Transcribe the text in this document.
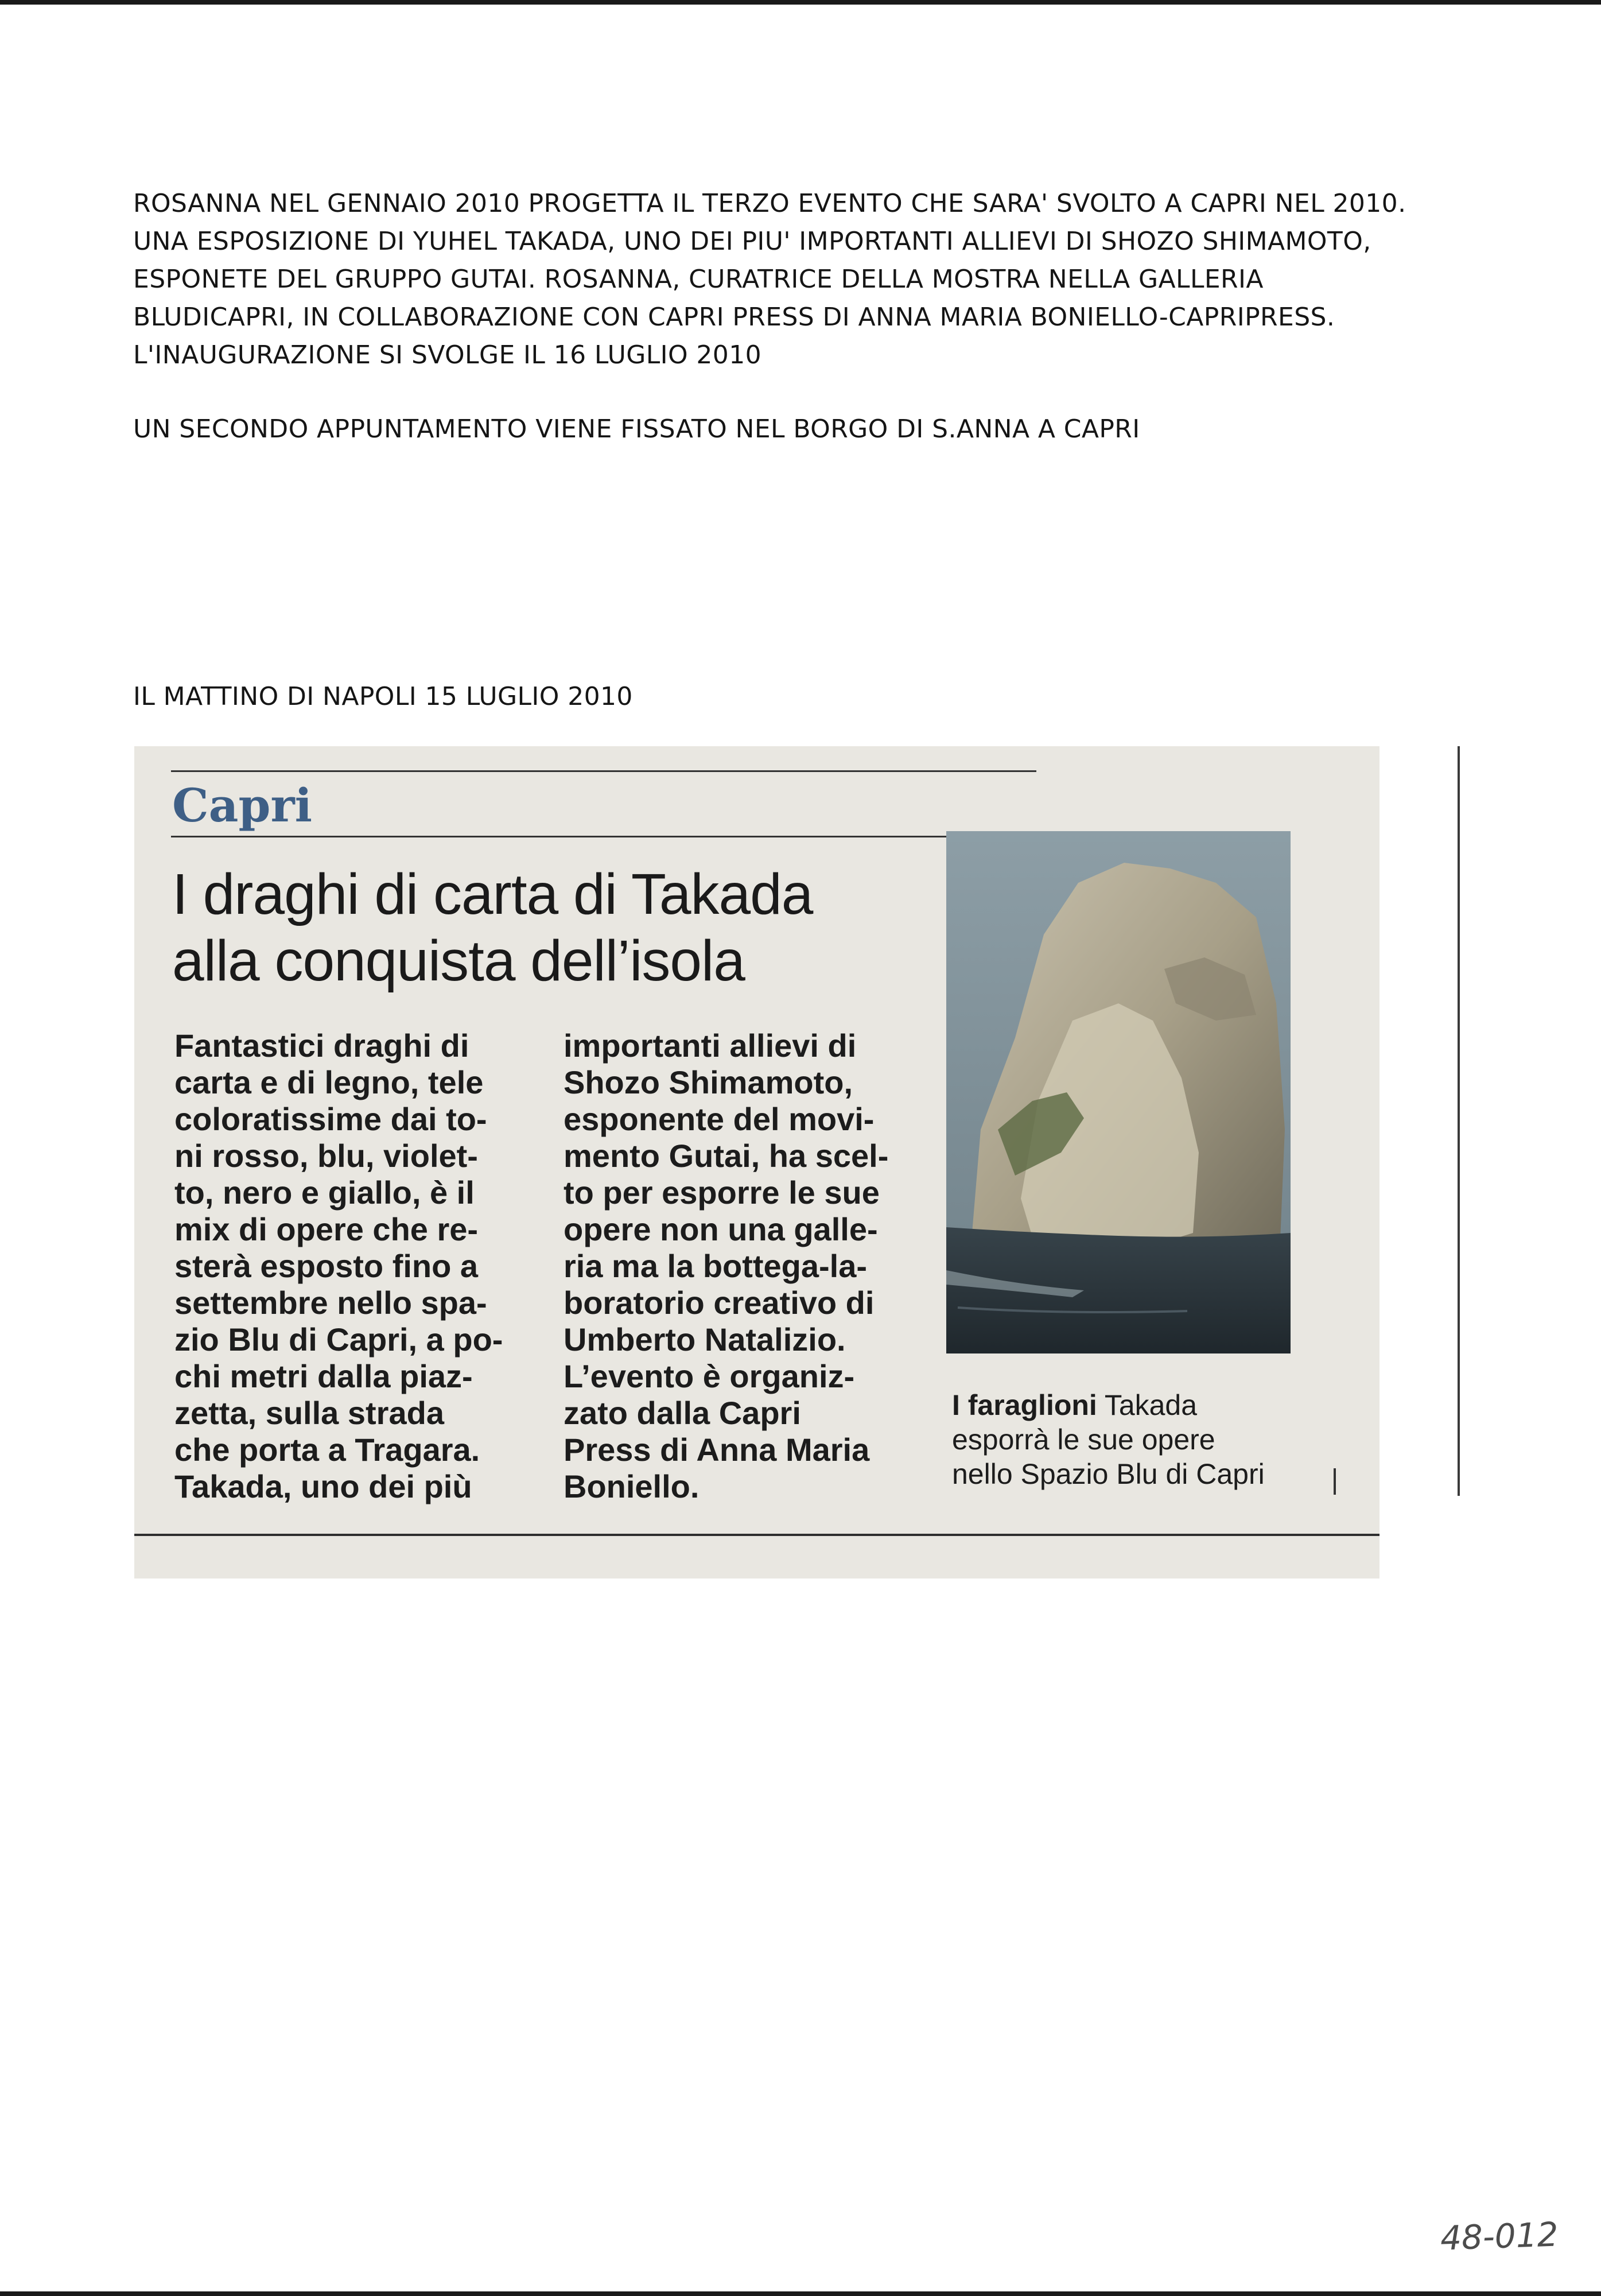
ROSANNA NEL GENNAIO 2010 PROGETTA IL TERZO EVENTO CHE SARA' SVOLTO A CAPRI NEL 2010.

UNA ESPOSIZIONE DI YUHEL TAKADA, UNO DEI PIU' IMPORTANTI ALLIEVI DI SHOZO SHIMAMOTO,

ESPONETE DEL GRUPPO GUTAI. ROSANNA, CURATRICE DELLA MOSTRA NELLA GALLERIA

BLUDICAPRI, IN COLLABORAZIONE CON CAPRI PRESS DI ANNA MARIA BONIELLO-CAPRIPRESS.

L'INAUGURAZIONE SI SVOLGE IL 16 LUGLIO 2010

UN SECONDO APPUNTAMENTO VIENE FISSATO NEL BORGO DI S.ANNA A CAPRI
IL MATTINO DI NAPOLI 15 LUGLIO 2010
Capri
I draghi di carta di Takada
alla conquista dell’isola
Fantastici draghi di
carta e di legno, tele
coloratissime dai to-
ni rosso, blu, violet-
to, nero e giallo, è il
mix di opere che re-
sterà esposto fino a
settembre nello spa-
zio Blu di Capri, a po-
chi metri dalla piaz-
zetta, sulla strada
che porta a Tragara.
Takada, uno dei più
importanti allievi di
Shozo Shimamoto,
esponente del movi-
mento Gutai, ha scel-
to per esporre le sue
opere non una galle-
ria ma la bottega-la-
boratorio creativo di
Umberto Natalizio.
L’evento è organiz-
zato dalla Capri
Press di Anna Maria
Boniello.
I faraglioni Takada
esporrà le sue opere
nello Spazio Blu di Capri
48-012
